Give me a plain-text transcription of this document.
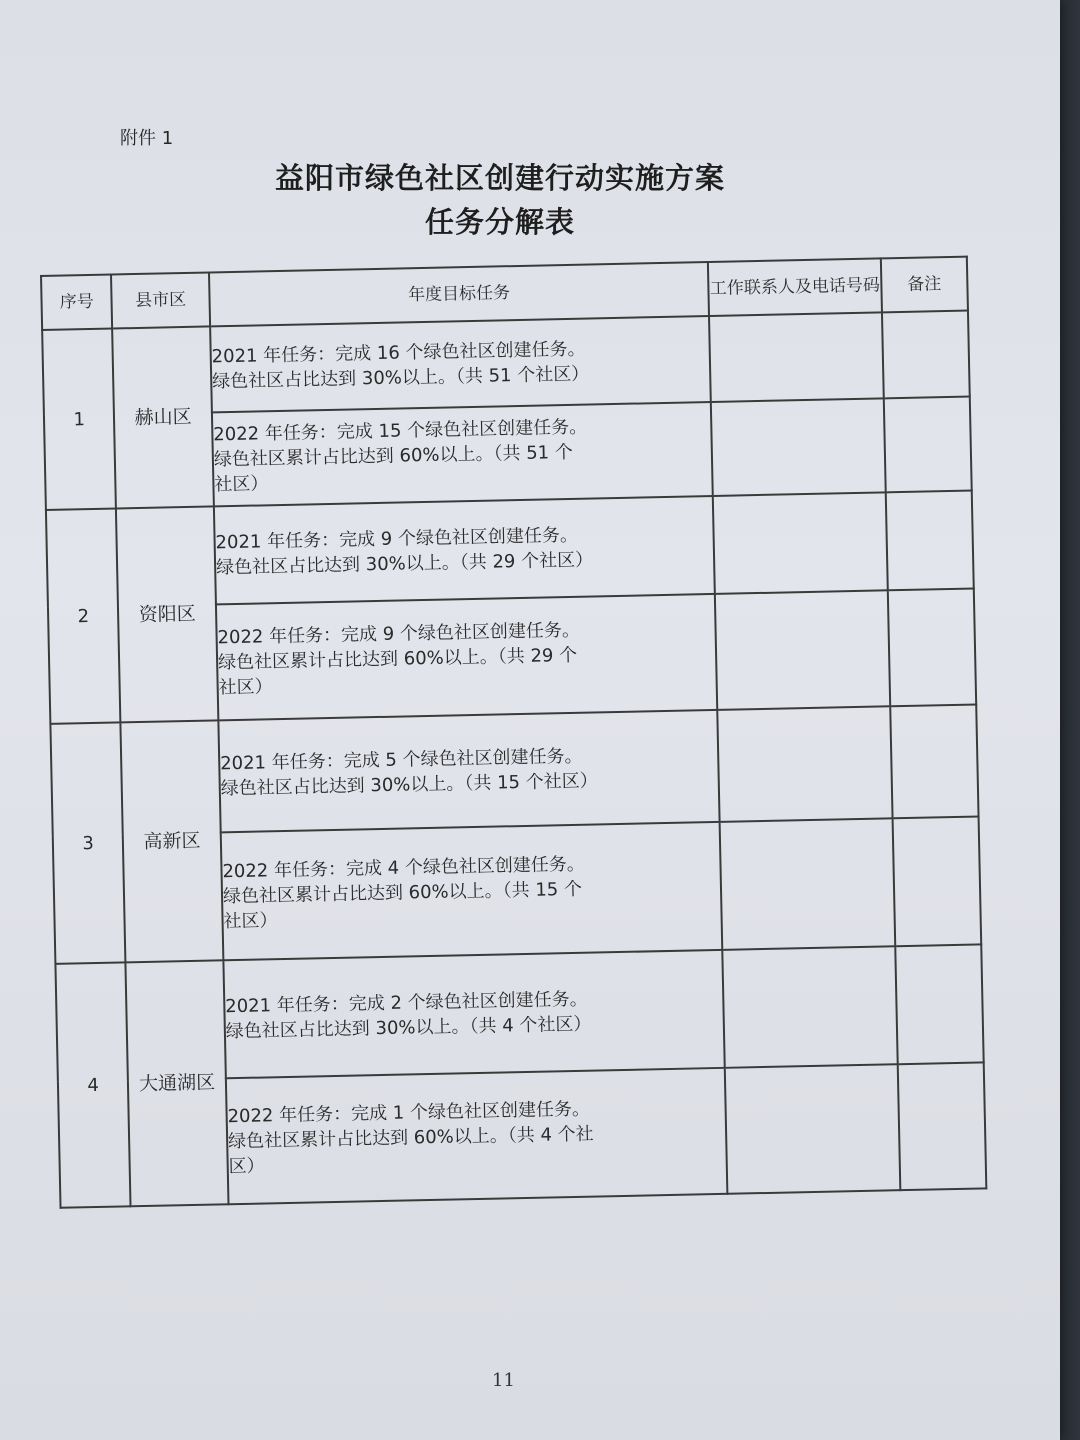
附件 1
益阳市绿色社区创建行动实施方案
任务分解表
序号	县市区	年度目标任务	工作联系人及电话号码	备注
1	赫山区	2021 年任务：完成 16 个绿色社区创建任务。
绿色社区占比达到 30%以上。（共 51 个社区）		

		2022 年任务：完成 15 个绿色社区创建任务。
绿色社区累计占比达到 60%以上。（共 51 个
社区）		

2	资阳区	2021 年任务：完成 9 个绿色社区创建任务。
绿色社区占比达到 30%以上。（共 29 个社区）		

		2022 年任务：完成 9 个绿色社区创建任务。
绿色社区累计占比达到 60%以上。（共 29 个
社区）		

3	高新区	2021 年任务：完成 5 个绿色社区创建任务。
绿色社区占比达到 30%以上。（共 15 个社区）		

		2022 年任务：完成 4 个绿色社区创建任务。
绿色社区累计占比达到 60%以上。（共 15 个
社区）		

4	大通湖区	2021 年任务：完成 2 个绿色社区创建任务。
绿色社区占比达到 30%以上。（共 4 个社区）		

		2022 年任务：完成 1 个绿色社区创建任务。
绿色社区累计占比达到 60%以上。（共 4 个社
区）		

11
